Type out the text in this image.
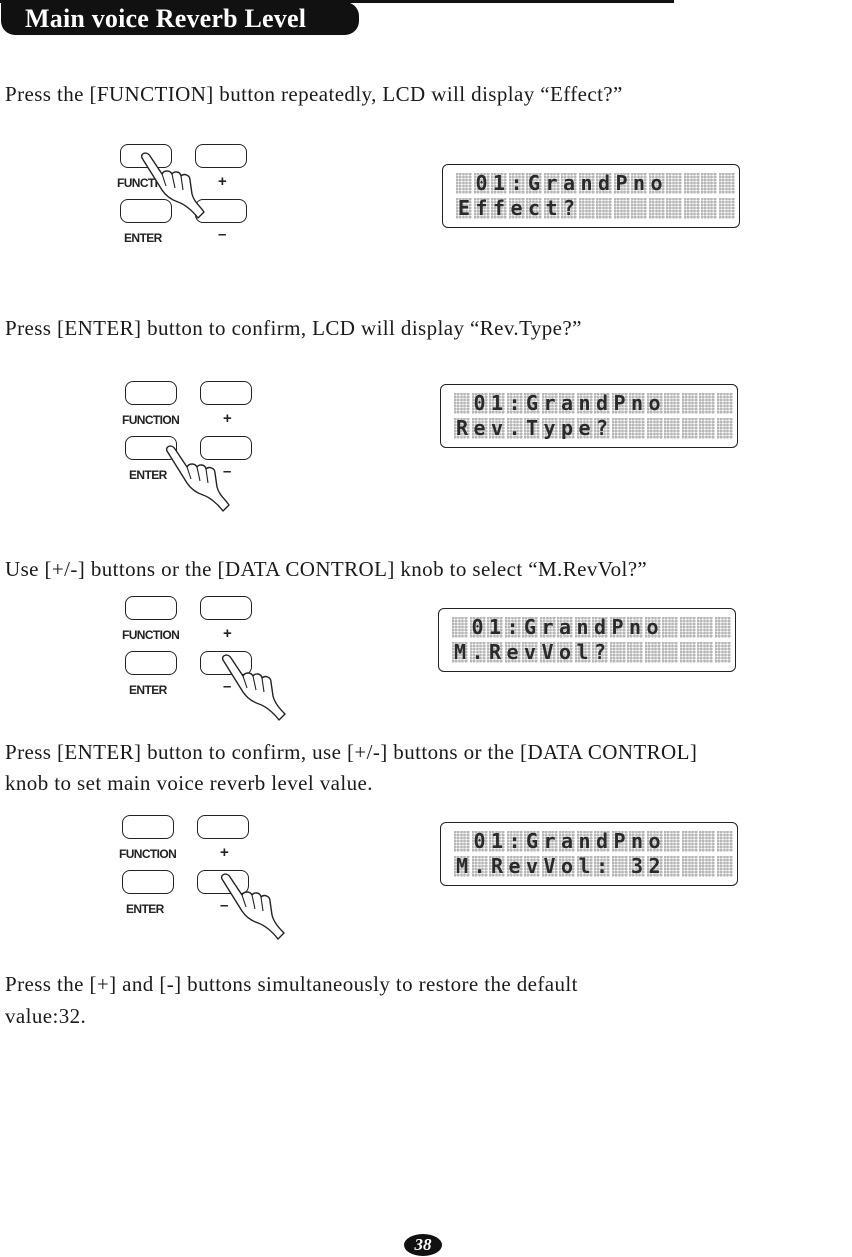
Main voice Reverb Level
Press the [FUNCTION] button repeatedly, LCD will display “Effect?”
FUNCTI
ENTER
+
–
0 1 : G r a n d P n o
E f f e c t ?
Press [ENTER] button to confirm, LCD will display “Rev.Type?”
FUNCTION
ENTER
+
–
0 1 : G r a n d P n o
R e v . T y p e ?
Use [+/-] buttons or the [DATA CONTROL] knob to select “M.RevVol?”
FUNCTION
ENTER
+
–
0 1 : G r a n d P n o
M . R e v V o l ?
Press [ENTER] button to confirm, use [+/-] buttons or the [DATA CONTROL]
knob to set main voice reverb level value.
FUNCTION
ENTER
+
–
0 1 : G r a n d P n o
M . R e v V o l : 3 2
Press the [+] and [-] buttons simultaneously to restore the default
value:32.
38
